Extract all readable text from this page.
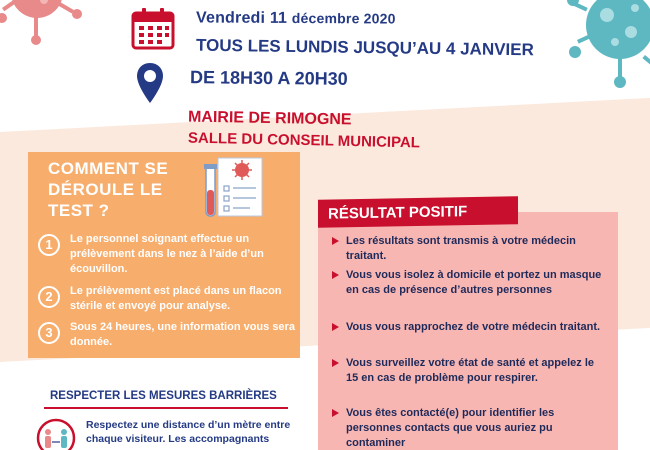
Vendredi 11 décembre 2020
TOUS LES LUNDIS JUSQU’AU 4 JANVIER
DE 18H30 A 20H30
MAIRIE DE RIMOGNE
SALLE DU CONSEIL MUNICIPAL
COMMENT SE DÉROULE LE TEST ?
1	Le personnel soignant effectue un prélèvement dans le nez à l’aide d’un écouvillon.
2	Le prélèvement est placé dans un flacon stérile et envoyé pour analyse.
3	Sous 24 heures, une information vous sera donnée.
RESPECTER LES MESURES BARRIÈRES
Respectez une distance d’un mètre entre chaque visiteur. Les accompagnants
RÉSULTAT POSITIF
Les résultats sont transmis à votre médecin traitant.
Vous vous isolez à domicile et portez un masque en cas de présence d’autres personnes
Vous vous rapprochez de votre médecin traitant.
Vous surveillez votre état de santé et appelez le 15 en cas de problème pour respirer.
Vous êtes contacté(e) pour identifier les personnes contacts que vous auriez pu contaminer
